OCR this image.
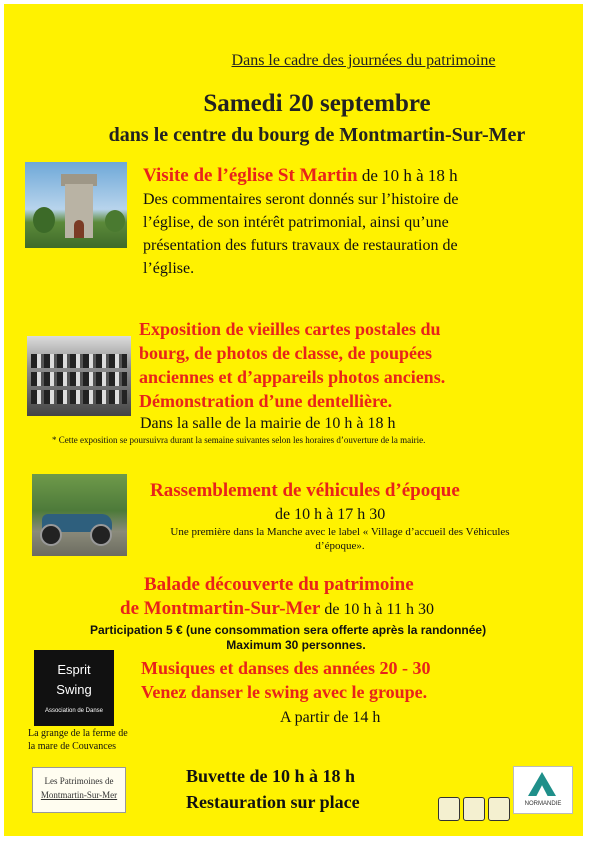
Dans le cadre des journées du patrimoine

Samedi 20 septembre

dans le centre du bourg de Montmartin-Sur-Mer

Visite de l’église St Martin de 10 h à 18 h

Des commentaires seront donnés sur l’histoire de

l’église, de son intérêt patrimonial, ainsi qu’une

présentation des futurs travaux de restauration de

l’église.

Exposition de vieilles cartes postales du

bourg, de photos de classe, de poupées

anciennes et d’appareils photos anciens.

Démonstration d’une dentellière.

Dans la salle de la mairie de 10 h à 18 h

* Cette exposition se poursuivra durant la semaine suivantes selon les horaires d’ouverture de la mairie.

Rassemblement de véhicules d’époque

de 10 h à 17 h 30

Une première dans la Manche avec le label « Village d’accueil des Véhicules

d’époque».

Balade découverte du patrimoine

de Montmartin-Sur-Mer de 10 h à 11 h 30

Participation 5 € (une consommation sera offerte après la randonnée)

Maximum 30 personnes.

Esprit
Swing
Association de Danse

Musiques et danses des années 20 - 30

Venez danser le swing avec le groupe.

A partir de 14 h

La grange de la ferme de

la mare de Couvances

Les Patrimoines de
Montmartin-Sur-Mer

Buvette de 10 h à 18 h

Restauration sur place	NORMANDIE
